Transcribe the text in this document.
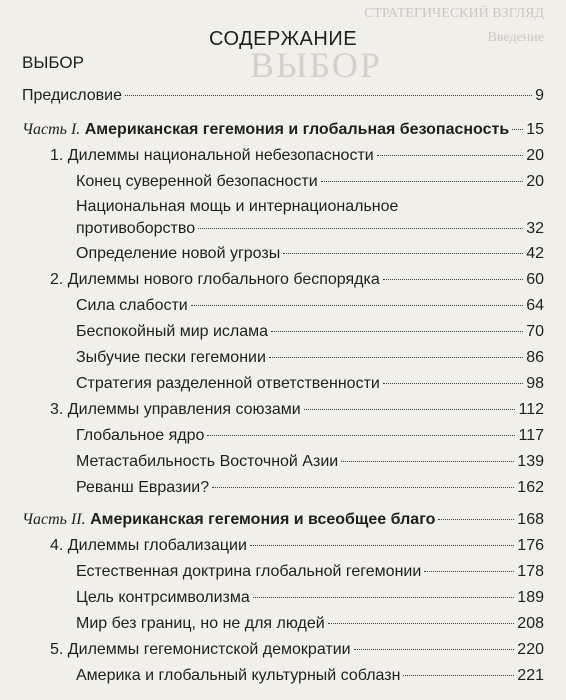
СТРАТЕГИЧЕСКИЙ ВЗГЛЯД
Введение
ВЫБОР
СОДЕРЖАНИЕ
ВЫБОР
Предисловие	9
Часть I. Американская гегемония и глобальная безопасность 15
1. Дилеммы национальной небезопасности	20
Конец суверенной безопасности	20
Национальная мощь и интернациональное
противоборство	32
Определение новой угрозы	42
2. Дилеммы нового глобального беспорядка	60
Сила слабости	64
Беспокойный мир ислама	70
Зыбучие пески гегемонии	86
Стратегия разделенной ответственности	98
3. Дилеммы управления союзами	112
Глобальное ядро	117
Метастабильность Восточной Азии	139
Реванш Евразии?	162
Часть II. Американская гегемония и всеобщее благо	168
4. Дилеммы глобализации	176
Естественная доктрина глобальной гегемонии	178
Цель контрсимволизма	189
Мир без границ, но не для людей	208
5. Дилеммы гегемонистской демократии	220
Америка и глобальный культурный соблазн	221
